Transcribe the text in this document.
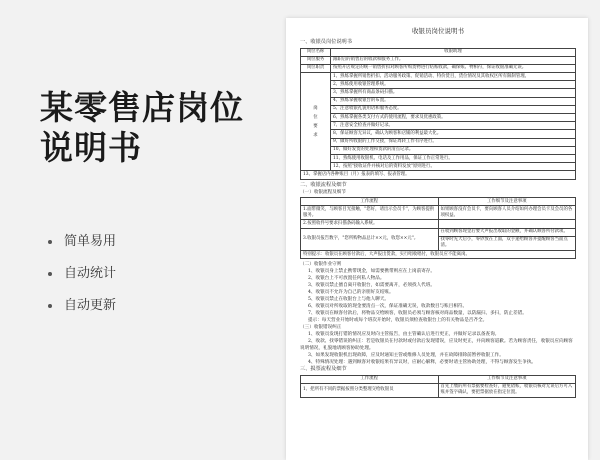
某零售店岗位说明书
简单易用
自动统计
自动更新
收银员岗位说明书
一、收银员岗位说明书
岗位名称	收银助理
岗位服务	跟职后的销售后的收款和服务工作。
岗位职责	按照开店规定的统一销售折扣对顾客所购货物进行结账收款，确保账、物相符，保证收银准确无误。
岗位要求	1、熟练掌握所销售折扣、活动服务政策、促销活动、特价货目，货位情况及其收权区所有限制管理。
	2、熟练使用收银管理系统。
	3、熟练掌握所有商品条码扫描。
	4、熟练掌握收银台的布置。
	5、注意收银礼貌用语和服务态度。
	6、熟练掌握各类支付方式的使用流程，要求及优惠政策。
	7、注意安全检查并做好记录。
	8、保证顾客无异议，确认为顾客和店铺的利益最大化。
	9、做好所收银的工作交接，保证周转工作有序进行。
	10、做好发货的处理和货款的清点记录。
	11、熟练使用收银机、电话及工作用品，保证工作正常进行。
	12、按照"接收证件并核对后的资料发放"原则进行。
13、掌握店内各种账目（月）报表的填写、报表管理。	
二、收银流程及细节
（一）收银流程及细节
工作流程	工作细节及注意事项
1.面带微笑，与顾客目光接触，"您好，请出示会员卡"，为顾客提供服务。	如果顾客没有会员卡，要向顾客人员介绍如何办理会员卡及会员的各项权益。
2.按照收件号要求扫描条码输入系统。	
3.收银员报告数字，"您所购物品总计××元，收您××元"。	在收到顾客现金后要大声报出收取的金额，并确认顾客所付款项。
	找零时先大后小，零钞放在上面，双手递给顾客并提醒顾客当面点清。
特别提示：收银员在顾客付款后，大声报出货款，实行唱收唱付，收银员应不能离岗。	
（二）收银作业守则
1、收银员身上禁止携带现金，如需要携带则应在上岗前寄存。
2、收银台上不可放置任何私人物品。
3、收银员禁止擅自离开收银台，如需要离开，必须找人代班。
4、收银员不允许为自己的亲朋好友结账。
5、收银员禁止在收银台上与他人聊天。
6、收银员对所收取的现金要清点一次，保证准确无误，收款数目与账目相符。
7、收银员在顾客付款后，将物品交给顾客，收银员必须与顾客核对商品数量，以防漏扫、多扫，防止差错。
提示：每天营业开始时或每个班次开始时，收银员须检查收银台上的有关物品是否齐全。
（三）收银错误纠正
1、收银员发现打错的情况应及时向主管报告，由主管确认后进行更正，并做好记录以备查询。
2、收款、找零错误的纠正：若是收银员在付款时或付款后发现错误，应及时更正，并向顾客道歉。若为顾客责任，收银员应向顾客说明情况，礼貌地请顾客协助处理。
3、如果发现收银机出现故障，应及时通知主管或维修人员处理，并在故障排除前暂停收银工作。
4、特殊情况处理：遇到顾客对收银结果有异议时，应耐心解释，必要时请主管协助处理，不得与顾客发生争执。
三、损票流程及细节
工作流程	工作细节及注意事项
1、把所有不同的票据按照分类整理交给收银员	首先上缴的所有票据要检查好，避免错账，收银员核对无误后方可入账并签字确认，要把票据放在指定位置。
